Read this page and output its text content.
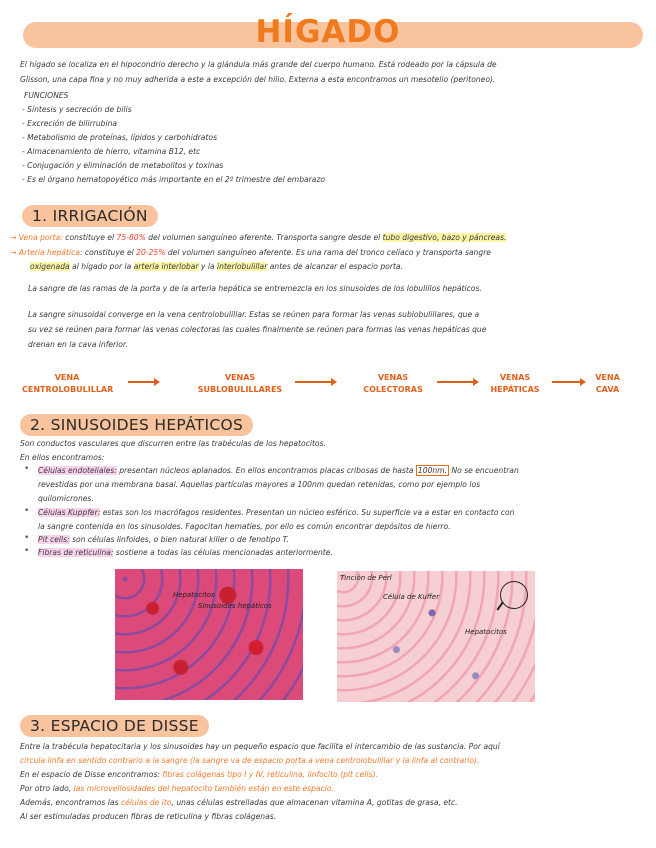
HÍGADO
El hígado se localiza en el hipocondrio derecho y la glándula más grande del cuerpo humano. Está rodeado por la cápsula de
Glisson, una capa fina y no muy adherida a este a excepción del hilio. Externa a esta encontramos un mesotelio (peritoneo).
FUNCIONES
- Síntesis y secreción de bilis
- Excreción de bilirrubina
- Metabolismo de proteínas, lípidos y carbohidratos
- Almacenamiento de hierro, vitamina B12, etc
- Conjugación y eliminación de metabolitos y toxinas
- Es el órgano hematopoyético más importante en el 2º trimestre del embarazo
→ Vena porta: constituye el 75-80% del volumen sanguíneo aferente. Transporta sangre desde el tubo digestivo, bazo y páncreas.
→ Arteria hepática: constituye el 20-25% del volumen sanguíneo aferente. Es una rama del tronco celíaco y transporta sangre
oxigenada al hígado por la arteria interlobar y la interlobulillar antes de alcanzar el espacio porta.
La sangre de las ramas de la porta y de la arteria hepática se entremezcla en los sinusoides de los lobulillos hepáticos.
La sangre sinusoidal converge en la vena centrolobulillar. Estas se reúnen para formar las venas sublobulillares, que a
su vez se reúnen para formar las venas colectoras las cuales finalmente se reúnen para formas las venas hepáticas que
drenan en la cava inferior.
Son conductos vasculares que discurren entre las trabéculas de los hepatocitos.
En ellos encontramos:
Células endoteliales: presentan núcleos aplanados. En ellos encontramos placas cribosas de hasta 100nm. No se encuentran
revestidas por una membrana basal. Aquellas partículas mayores a 100nm quedan retenidas, como por ejemplo los
quilomicrones.
Células Kuppfer: estas son los macrófagos residentes. Presentan un núcleo esférico. Su superficie va a estar en contacto con
la sangre contenida en los sinusoides. Fagocitan hematíes, por ello es común encontrar depósitos de hierro.
Pit cells: son células linfoides, o bien natural killer o de fenotipo T.
Fibras de reticulina: sostiene a todas las células mencionadas anteriormente.
•
•
•
•
Entre la trabécula hepatocitaria y los sinusoides hay un pequeño espacio que facilita el intercambio de las sustancia. Por aquí
circula linfa en sentido contrario a la sangre (la sangre va de espacio porta a vena centrolobulillar y la linfa al contrario).
En el espacio de Disse encontramos: fibras colágenas tipo I y IV, reticulina, linfocito (pit cells).
Por otro lado, las microvellosidades del hepatocito también están en este espacio.
Además, encontramos las células de ito, unas células estrelladas que almacenan vitamina A, gotitas de grasa, etc.
Al ser estimuladas producen fibras de reticulina y fibras colágenas.
1. IRRIGACIÓN
2. SINUSOIDES HEPÁTICOS
3. ESPACIO DE DISSE
VENA
CENTROLOBULILLAR
VENAS
SUBLOBULILLARES
VENAS
COLECTORAS
VENAS
HEPÁTICAS
VENA
CAVA
Hepatocitos
Sinusoides hepáticos
Tinción de Perl
Célula de Kuffer
Hepatocitos
